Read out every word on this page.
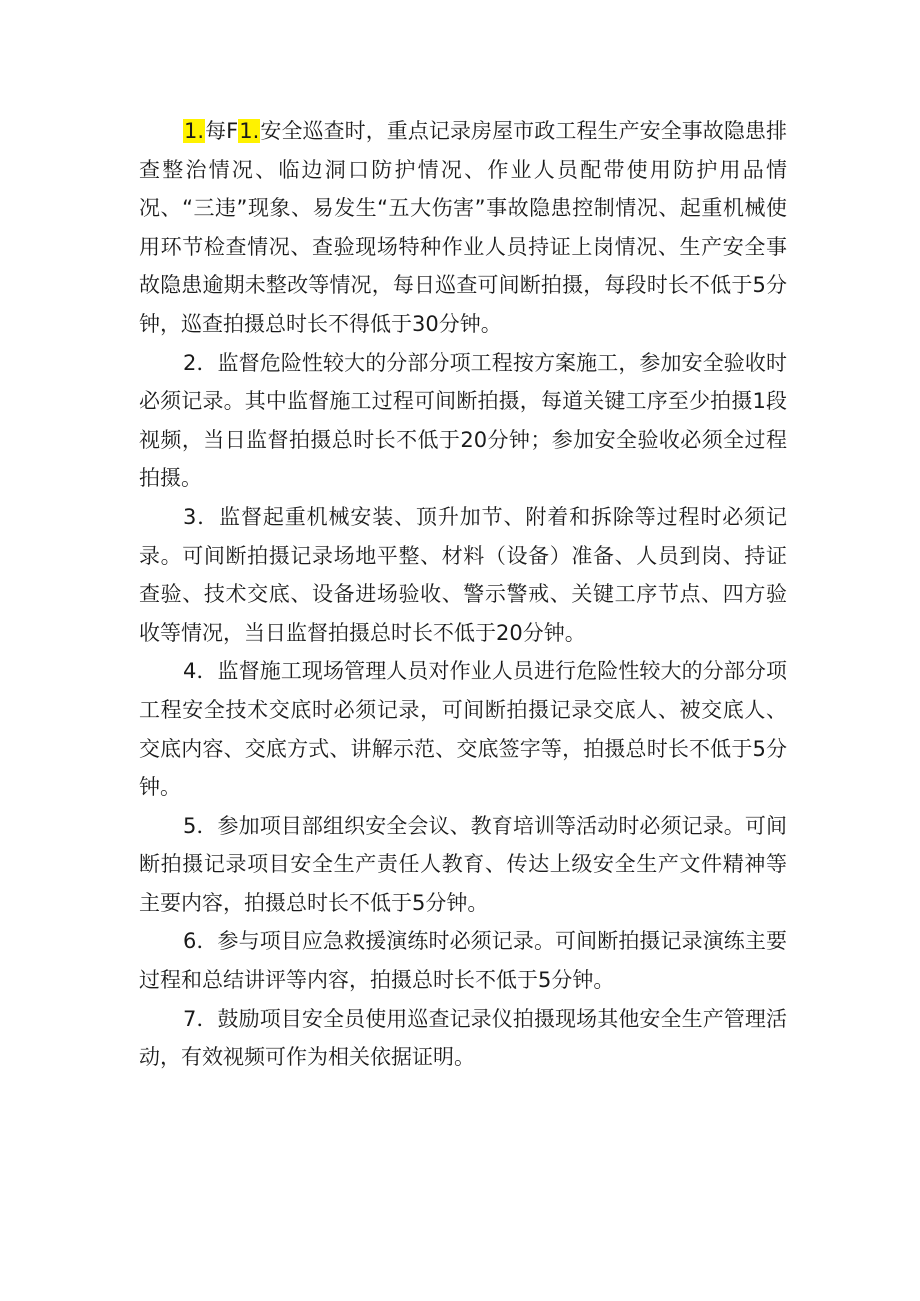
1.每F1.安全巡查时，重点记录房屋市政工程生产安全事故隐患排查整治情况、临边洞口防护情况、作业人员配带使用防护用品情况、“三违”现象、易发生“五大伤害”事故隐患控制情况、起重机械使用环节检查情况、查验现场特种作业人员持证上岗情况、生产安全事故隐患逾期未整改等情况，每日巡查可间断拍摄，每段时长不低于5分钟，巡查拍摄总时长不得低于30分钟。

2．监督危险性较大的分部分项工程按方案施工，参加安全验收时必须记录。其中监督施工过程可间断拍摄，每道关键工序至少拍摄1段视频，当日监督拍摄总时长不低于20分钟；参加安全验收必须全过程拍摄。

3．监督起重机械安装、顶升加节、附着和拆除等过程时必须记录。可间断拍摄记录场地平整、材料（设备）准备、人员到岗、持证查验、技术交底、设备进场验收、警示警戒、关键工序节点、四方验收等情况，当日监督拍摄总时长不低于20分钟。

4．监督施工现场管理人员对作业人员进行危险性较大的分部分项工程安全技术交底时必须记录，可间断拍摄记录交底人、被交底人、交底内容、交底方式、讲解示范、交底签字等，拍摄总时长不低于5分钟。

5．参加项目部组织安全会议、教育培训等活动时必须记录。可间断拍摄记录项目安全生产责任人教育、传达上级安全生产文件精神等主要内容，拍摄总时长不低于5分钟。

6．参与项目应急救援演练时必须记录。可间断拍摄记录演练主要过程和总结讲评等内容，拍摄总时长不低于5分钟。

7．鼓励项目安全员使用巡查记录仪拍摄现场其他安全生产管理活动，有效视频可作为相关依据证明。
